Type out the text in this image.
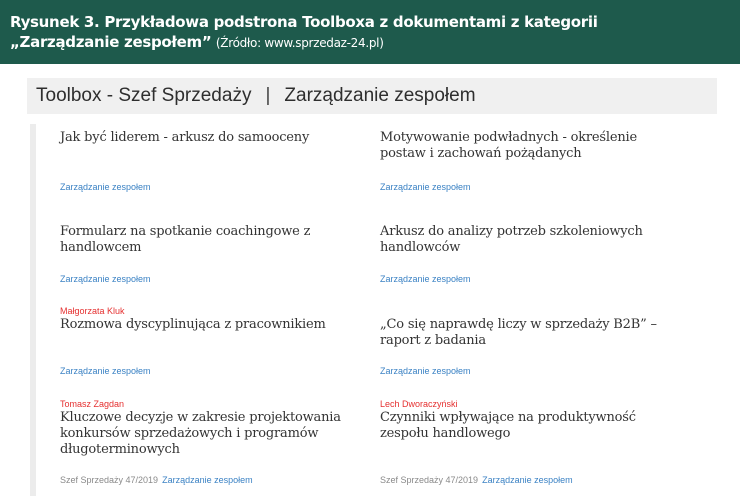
Rysunek 3. Przykładowa podstrona Toolboxa z dokumentami z kategorii
„Zarządzanie zespołem” (Źródło: www.sprzedaz-24.pl)
Toolbox - Szef Sprzedaży | Zarządzanie zespołem
Jak być liderem - arkusz do samooceny
Zarządzanie zespołem
Motywowanie podwładnych - określenie postaw i zachowań pożądanych
Zarządzanie zespołem
Formularz na spotkanie coachingowe z handlowcem
Zarządzanie zespołem
Arkusz do analizy potrzeb szkoleniowych handlowców
Zarządzanie zespołem
Małgorzata Kluk
Rozmowa dyscyplinująca z pracownikiem
Zarządzanie zespołem
„Co się naprawdę liczy w sprzedaży B2B” – raport z badania
Zarządzanie zespołem
Tomasz Zagdan
Kluczowe decyzje w zakresie projektowania konkursów sprzedażowych i programów długoterminowych
Szef Sprzedaży 47/2019 Zarządzanie zespołem
Lech Dworaczyński
Czynniki wpływające na produktywność zespołu handlowego
Szef Sprzedaży 47/2019 Zarządzanie zespołem
